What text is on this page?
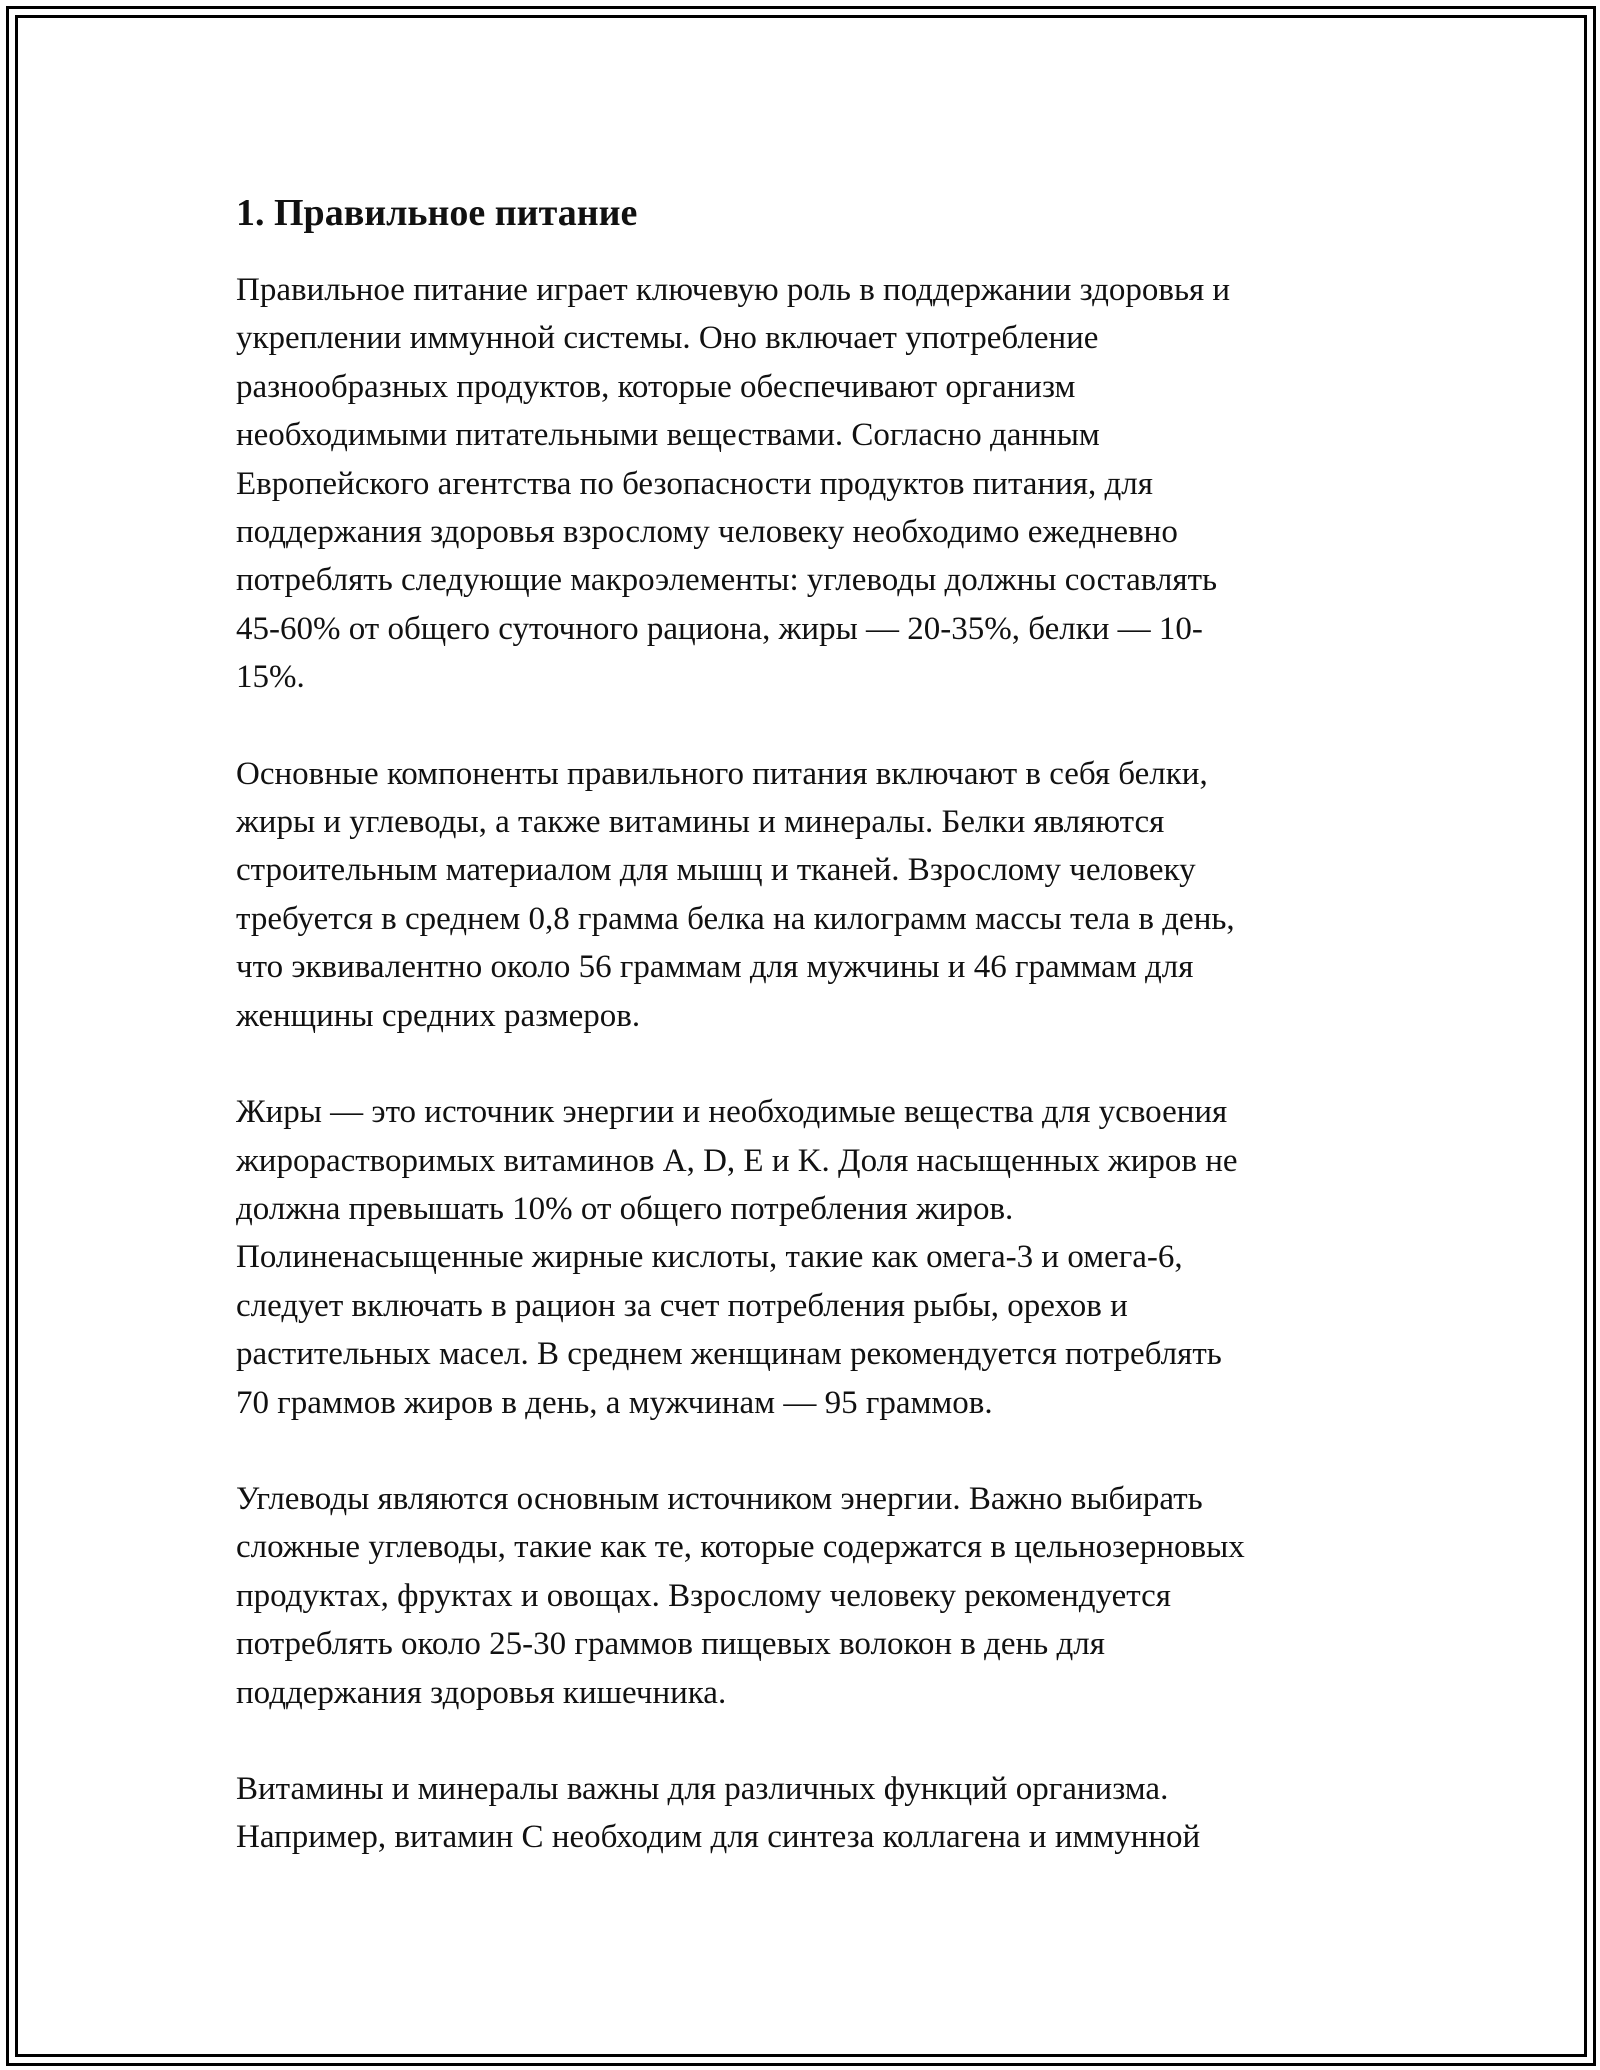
1. Правильное питание

Правильное питание играет ключевую роль в поддержании здоровья и
укреплении иммунной системы. Оно включает употребление
разнообразных продуктов, которые обеспечивают организм
необходимыми питательными веществами. Согласно данным
Европейского агентства по безопасности продуктов питания, для
поддержания здоровья взрослому человеку необходимо ежедневно
потреблять следующие макроэлементы: углеводы должны составлять
45-60% от общего суточного рациона, жиры — 20-35%, белки — 10-
15%.

Основные компоненты правильного питания включают в себя белки,
жиры и углеводы, а также витамины и минералы. Белки являются
строительным материалом для мышц и тканей. Взрослому человеку
требуется в среднем 0,8 грамма белка на килограмм массы тела в день,
что эквивалентно около 56 граммам для мужчины и 46 граммам для
женщины средних размеров.

Жиры — это источник энергии и необходимые вещества для усвоения
жирорастворимых витаминов A, D, E и K. Доля насыщенных жиров не
должна превышать 10% от общего потребления жиров.
Полиненасыщенные жирные кислоты, такие как омега-3 и омега-6,
следует включать в рацион за счет потребления рыбы, орехов и
растительных масел. В среднем женщинам рекомендуется потреблять
70 граммов жиров в день, а мужчинам — 95 граммов.

Углеводы являются основным источником энергии. Важно выбирать
сложные углеводы, такие как те, которые содержатся в цельнозерновых
продуктах, фруктах и овощах. Взрослому человеку рекомендуется
потреблять около 25-30 граммов пищевых волокон в день для
поддержания здоровья кишечника.

Витамины и минералы важны для различных функций организма.
Например, витамин C необходим для синтеза коллагена и иммунной
